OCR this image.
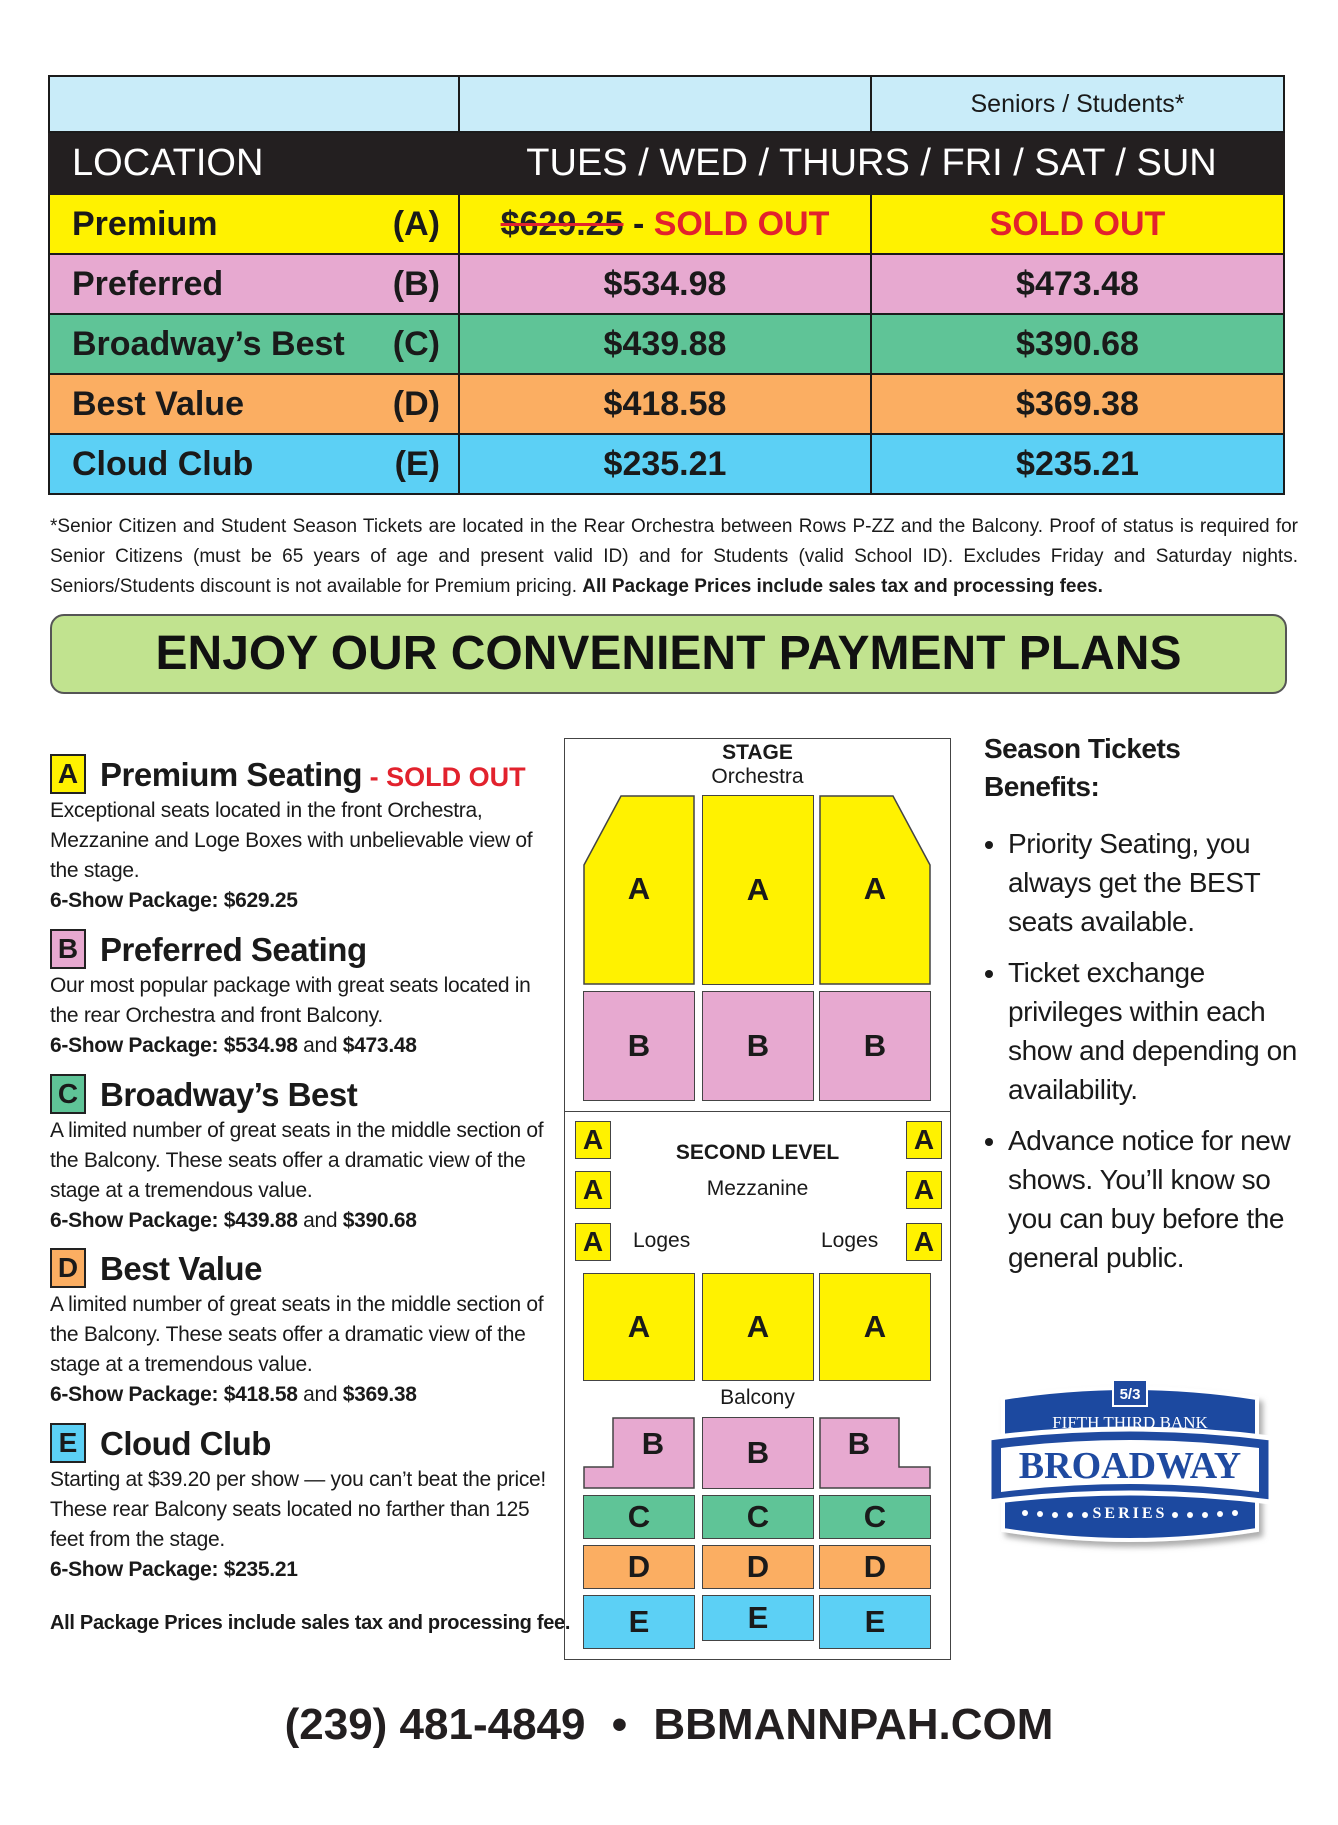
		Seniors / Students*
LOCATION	TUES / WED / THURS / FRI / SAT / SUN	

Premium (A)	$629.25 - SOLD OUT	SOLD OUT

Preferred (B)	$534.98	$473.48

Broadway’s Best (C)	$439.88	$390.68

Best Value (D)	$418.58	$369.38

Cloud Club (E)	$235.21	$235.21
*Senior Citizen and Student Season Tickets are located in the Rear Orchestra between Rows P-ZZ and the Balcony. Proof of status is required for Senior Citizens (must be 65 years of age and present valid ID) and for Students (valid School ID). Excludes Friday and Saturday nights. Seniors/Students discount is not available for Premium pricing. All Package Prices include sales tax and processing fees.
ENJOY OUR CONVENIENT PAYMENT PLANS
A Premium Seating - SOLD OUT
Exceptional seats located in the front Orchestra, Mezzanine and Loge Boxes with unbelievable view of the stage.
6-Show Package: $629.25
B Preferred Seating
Our most popular package with great seats located in the rear Orchestra and front Balcony.
6-Show Package: $534.98 and $473.48
C Broadway’s Best
A limited number of great seats in the middle section of the Balcony. These seats offer a dramatic view of the stage at a tremendous value.
6-Show Package: $439.88 and $390.68
D Best Value
A limited number of great seats in the middle section of the Balcony. These seats offer a dramatic view of the stage at a tremendous value.
6-Show Package: $418.58 and $369.38
E Cloud Club
Starting at $39.20 per show — you can’t beat the price! These rear Balcony seats located no farther than 125 feet from the stage.
6-Show Package: $235.21
All Package Prices include sales tax and processing fee.
STAGE
Orchestra
A	A	A
B	B	B
SECOND LEVEL
Mezzanine
A
A
A
A
A
A
Loges	Loges
A	A	A
Balcony
B	B	B
C	C	C
D	D	D
E	E	E
Season Tickets
Benefits:
• Priority Seating, you always get the BEST seats available.
• Ticket exchange privileges within each show and depending on availability.
• Advance notice for new shows. You’ll know so you can buy before the general public.
5/3
FIFTH THIRD BANK
BROADWAY
SERIES
(239) 481-4849 • BBMANNPAH.COM
